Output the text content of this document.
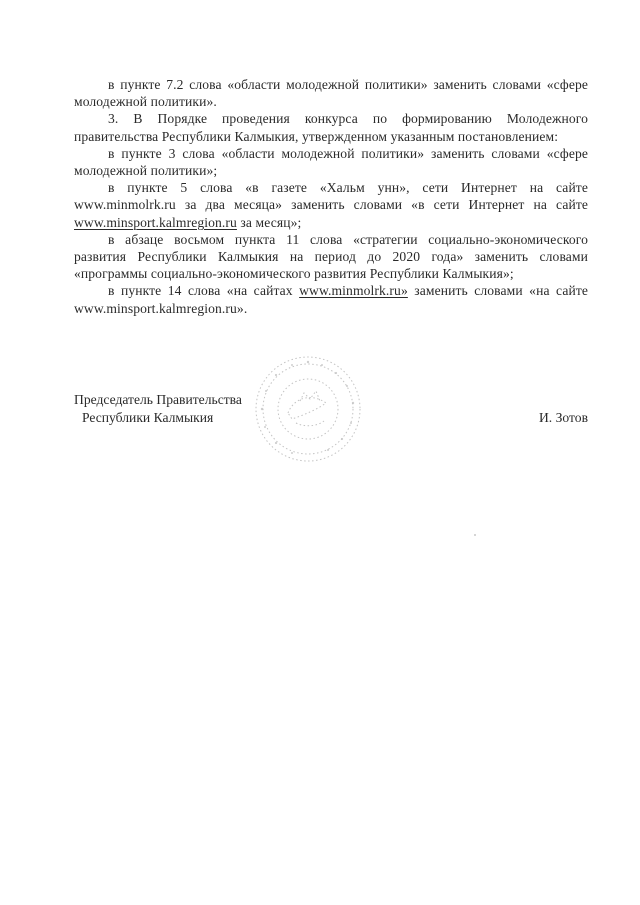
в пункте 7.2 слова «области молодежной политики» заменить словами «сфере молодежной политики».

3. В Порядке проведения конкурса по формированию Молодежного правительства Республики Калмыкия, утвержденном указанным постановлением:

в пункте 3 слова «области молодежной политики» заменить словами «сфере молодежной политики»;

в пункте 5 слова «в газете «Хальм унн», сети Интернет на сайте www.minmolrk.ru за два месяца» заменить словами «в сети Интернет на сайте www.minsport.kalmregion.ru за месяц»;

в абзаце восьмом пункта 11 слова «стратегии социально-экономического развития Республики Калмыкия на период до 2020 года» заменить словами «программы социально-экономического развития Республики Калмыкия»;

в пункте 14 слова «на сайтах www.minmolrk.ru» заменить словами «на сайте www.minsport.kalmregion.ru».

Председатель Правительства
Республики Калмыкия	И. Зотов
